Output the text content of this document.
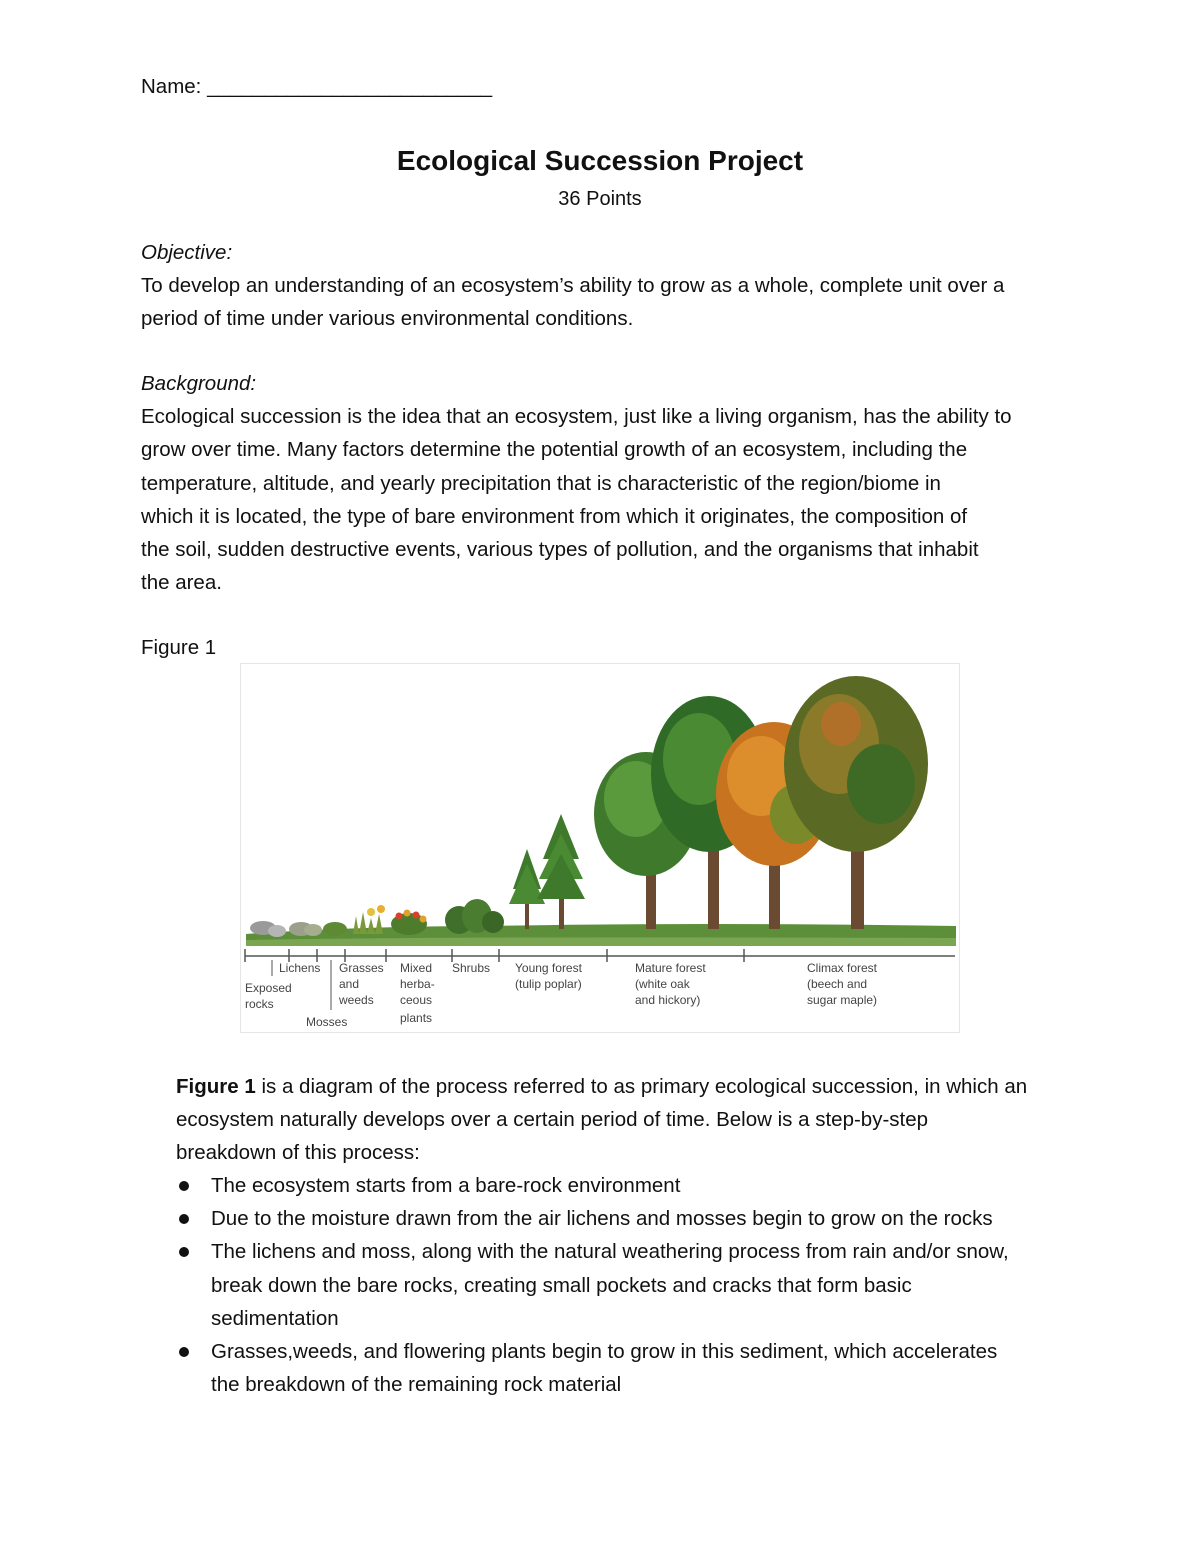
Name: _________________________
Ecological Succession Project
36 Points

Objective:

To develop an understanding of an ecosystem’s ability to grow as a whole, complete unit over a

period of time under various environmental conditions.

Background:

Ecological succession is the idea that an ecosystem, just like a living organism, has the ability to

grow over time. Many factors determine the potential growth of an ecosystem, including the

temperature, altitude, and yearly precipitation that is characteristic of the region/biome in

which it is located, the type of bare environment from which it originates, the composition of

the soil, sudden destructive events, various types of pollution, and the organisms that inhabit

the area.

Figure 1
Exposed rocks
Lichens
Mosses
Grasses and weeds
Mixed herba-ceous plants
Shrubs Young forest (tulip poplar)
Mature forest (white oak and hickory)
Climax forest (beech and sugar maple)

Figure 1 is a diagram of the process referred to as primary ecological succession, in which an

ecosystem naturally develops over a certain period of time. Below is a step-by-step

breakdown of this process:

The ecosystem starts from a bare-rock environment

Due to the moisture drawn from the air lichens and mosses begin to grow on the rocks

The lichens and moss, along with the natural weathering process from rain and/or snow,

break down the bare rocks, creating small pockets and cracks that form basic

sedimentation

Grasses,weeds, and flowering plants begin to grow in this sediment, which accelerates

the breakdown of the remaining rock material
